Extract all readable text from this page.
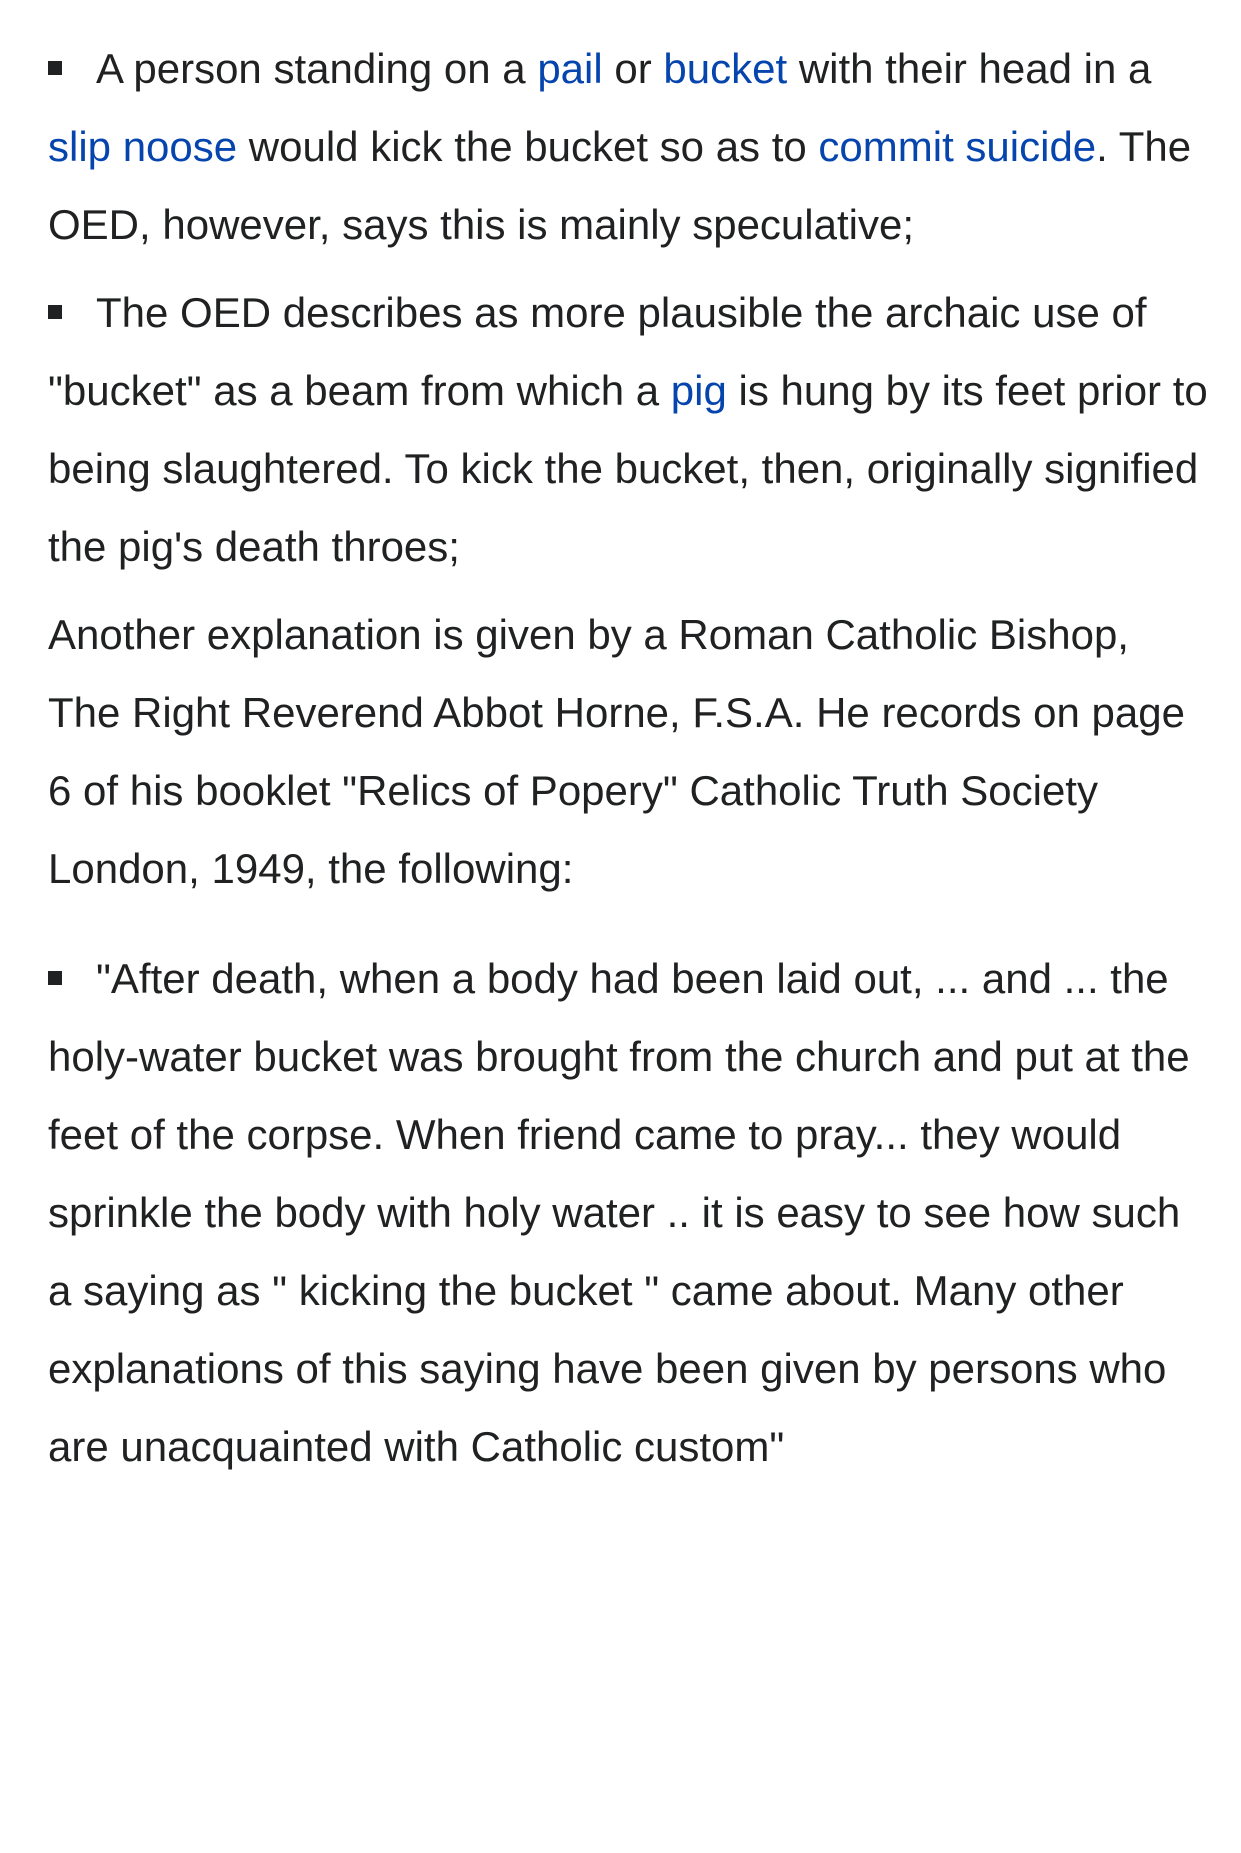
A person standing on a pail or bucket with their head in a slip noose would kick the bucket so as to commit suicide. The OED, however, says this is mainly speculative;

The OED describes as more plausible the archaic use of "bucket" as a beam from which a pig is hung by its feet prior to being slaughtered. To kick the bucket, then, originally signified the pig's death throes;

Another explanation is given by a Roman Catholic Bishop, The Right Reverend Abbot Horne, F.S.A. He records on page 6 of his booklet "Relics of Popery" Catholic Truth Society London, 1949, the following:

"After death, when a body had been laid out, ... and ... the holy-water bucket was brought from the church and put at the feet of the corpse. When friend came to pray... they would sprinkle the body with holy water .. it is easy to see how such a saying as " kicking the bucket " came about. Many other explanations of this saying have been given by persons who are unacquainted with Catholic custom"
